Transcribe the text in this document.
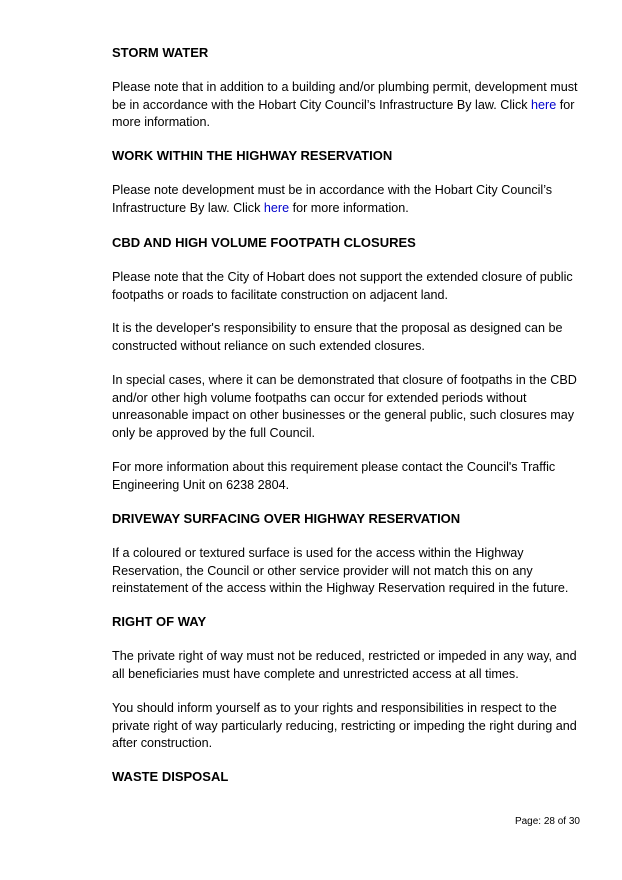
STORM WATER

Please note that in addition to a building and/or plumbing permit, development must be in accordance with the Hobart City Council’s Infrastructure By law. Click here for more information.

WORK WITHIN THE HIGHWAY RESERVATION

Please note development must be in accordance with the Hobart City Council’s Infrastructure By law. Click here for more information.

CBD AND HIGH VOLUME FOOTPATH CLOSURES

Please note that the City of Hobart does not support the extended closure of public footpaths or roads to facilitate construction on adjacent land.

It is the developer's responsibility to ensure that the proposal as designed can be constructed without reliance on such extended closures.

In special cases, where it can be demonstrated that closure of footpaths in the CBD and/or other high volume footpaths can occur for extended periods without unreasonable impact on other businesses or the general public, such closures may only be approved by the full Council.

For more information about this requirement please contact the Council's Traffic Engineering Unit on 6238 2804.

DRIVEWAY SURFACING OVER HIGHWAY RESERVATION

If a coloured or textured surface is used for the access within the Highway Reservation, the Council or other service provider will not match this on any reinstatement of the access within the Highway Reservation required in the future.

RIGHT OF WAY

The private right of way must not be reduced, restricted or impeded in any way, and all beneficiaries must have complete and unrestricted access at all times.

You should inform yourself as to your rights and responsibilities in respect to the private right of way particularly reducing, restricting or impeding the right during and after construction.

WASTE DISPOSAL
Page: 28 of 30
